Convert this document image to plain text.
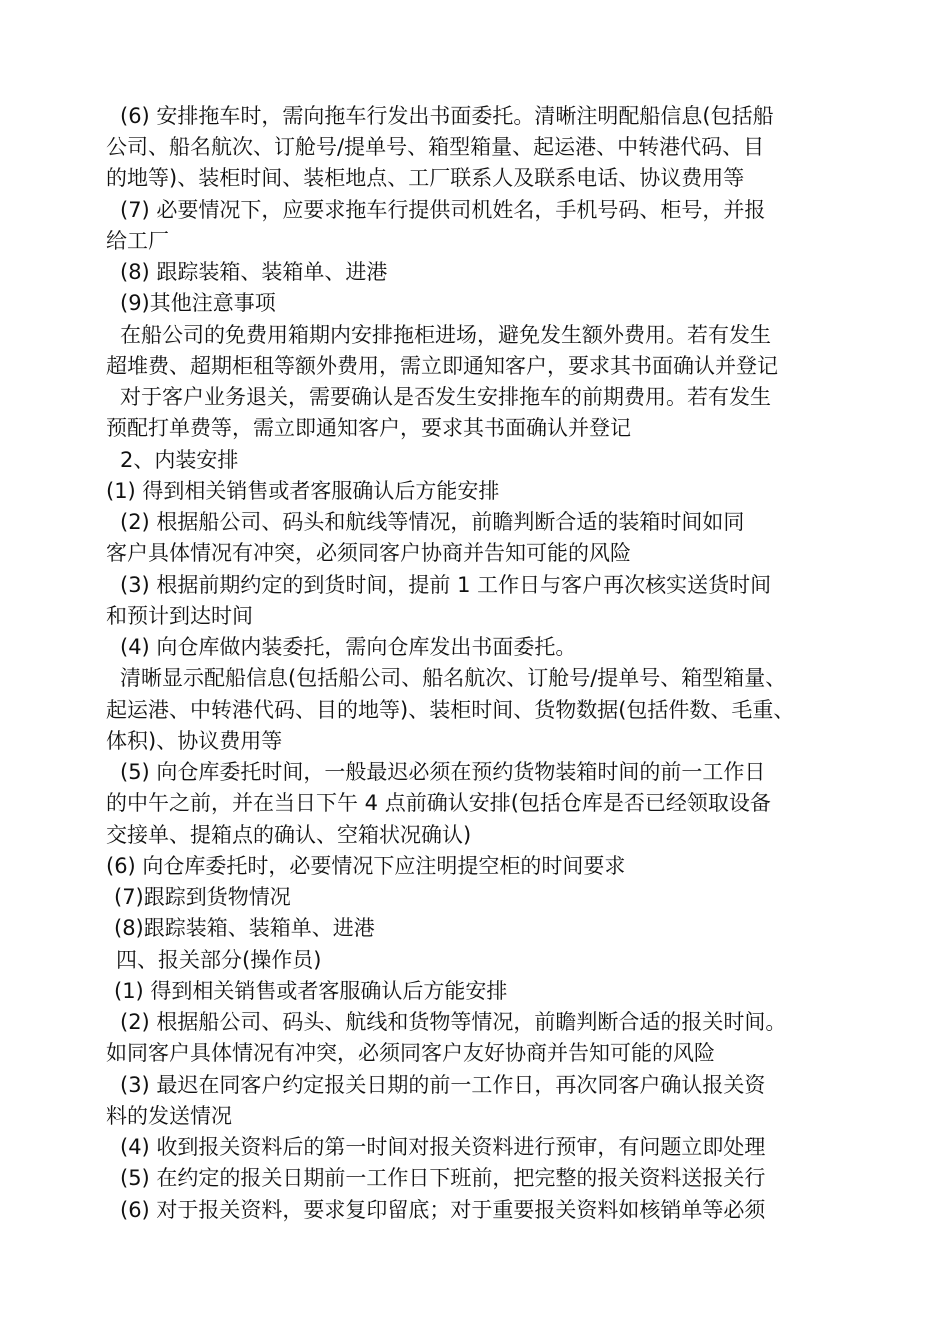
(6) 安排拖车时，需向拖车行发出书面委托。清晰注明配船信息(包括船
公司、船名航次、订舱号/提单号、箱型箱量、起运港、中转港代码、目
的地等)、装柜时间、装柜地点、工厂联系人及联系电话、协议费用等
(7) 必要情况下，应要求拖车行提供司机姓名，手机号码、柜号，并报
给工厂
(8) 跟踪装箱、装箱单、进港
(9)其他注意事项
在船公司的免费用箱期内安排拖柜进场，避免发生额外费用。若有发生
超堆费、超期柜租等额外费用，需立即通知客户，要求其书面确认并登记
对于客户业务退关，需要确认是否发生安排拖车的前期费用。若有发生
预配打单费等，需立即通知客户，要求其书面确认并登记
2、内装安排
(1) 得到相关销售或者客服确认后方能安排
(2) 根据船公司、码头和航线等情况，前瞻判断合适的装箱时间如同
客户具体情况有冲突，必须同客户协商并告知可能的风险
(3) 根据前期约定的到货时间，提前 1 工作日与客户再次核实送货时间
和预计到达时间
(4) 向仓库做内装委托，需向仓库发出书面委托。
清晰显示配船信息(包括船公司、船名航次、订舱号/提单号、箱型箱量、
起运港、中转港代码、目的地等)、装柜时间、货物数据(包括件数、毛重、
体积)、协议费用等
(5) 向仓库委托时间，一般最迟必须在预约货物装箱时间的前一工作日
的中午之前，并在当日下午 4 点前确认安排(包括仓库是否已经领取设备
交接单、提箱点的确认、空箱状况确认)
(6) 向仓库委托时，必要情况下应注明提空柜的时间要求
(7)跟踪到货物情况
(8)跟踪装箱、装箱单、进港
四、报关部分(操作员)
(1) 得到相关销售或者客服确认后方能安排
(2) 根据船公司、码头、航线和货物等情况，前瞻判断合适的报关时间。
如同客户具体情况有冲突，必须同客户友好协商并告知可能的风险
(3) 最迟在同客户约定报关日期的前一工作日，再次同客户确认报关资
料的发送情况
(4) 收到报关资料后的第一时间对报关资料进行预审，有问题立即处理
(5) 在约定的报关日期前一工作日下班前，把完整的报关资料送报关行
(6) 对于报关资料，要求复印留底；对于重要报关资料如核销单等必须
